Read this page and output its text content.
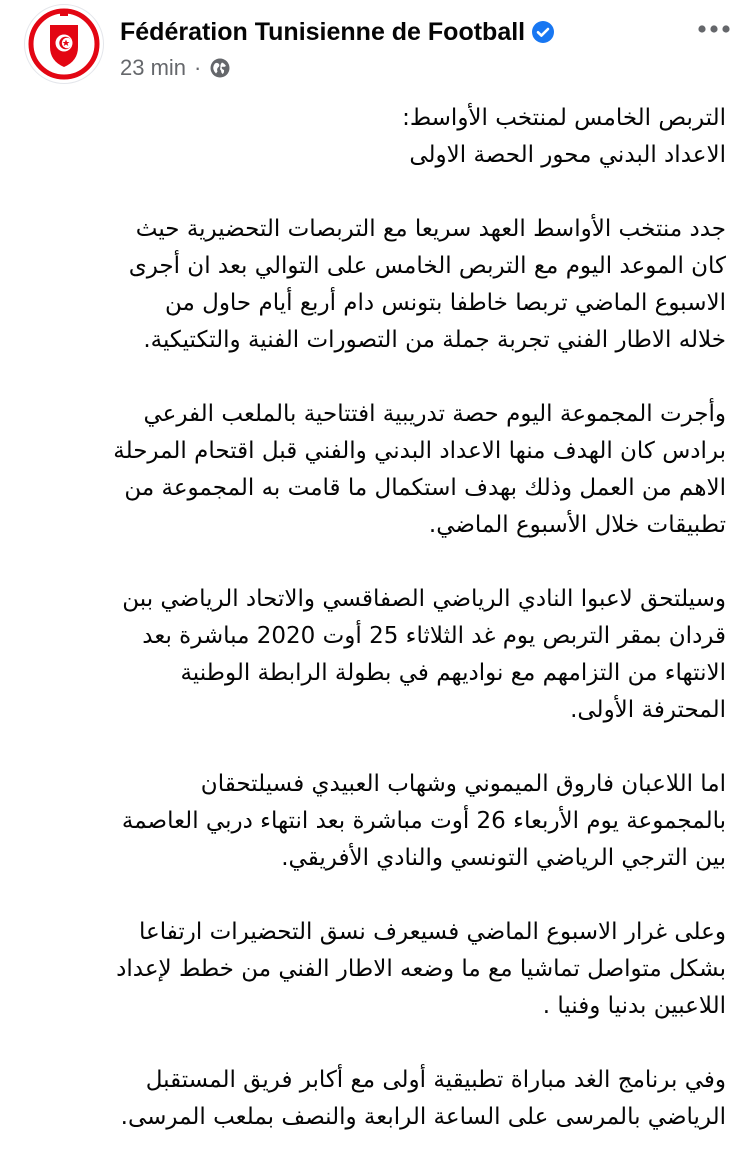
Fédération Tunisienne de Football
23 min ·
التربص الخامس لمنتخب الأواسط:
الاعداد البدني محور الحصة الاولى
جدد منتخب الأواسط العهد سريعا مع التربصات التحضيرية حيث
كان الموعد اليوم مع التربص الخامس على التوالي بعد ان أجرى
الاسبوع الماضي تربصا خاطفا بتونس دام أربع أيام حاول من
خلاله الاطار الفني تجربة جملة من التصورات الفنية والتكتيكية.
وأجرت المجموعة اليوم حصة تدريبية افتتاحية بالملعب الفرعي
برادس كان الهدف منها الاعداد البدني والفني قبل اقتحام المرحلة
الاهم من العمل وذلك بهدف استكمال ما قامت به المجموعة من
تطبيقات خلال الأسبوع الماضي.
وسيلتحق لاعبوا النادي الرياضي الصفاقسي والاتحاد الرياضي ببن
قردان بمقر التربص يوم غد الثلاثاء 25 أوت 2020 مباشرة بعد
الانتهاء من التزامهم مع نواديهم في بطولة الرابطة الوطنية
المحترفة الأولى.
اما اللاعبان فاروق الميموني وشهاب العبيدي فسيلتحقان
بالمجموعة يوم الأربعاء 26 أوت مباشرة بعد انتهاء دربي العاصمة
بين الترجي الرياضي التونسي والنادي الأفريقي.
وعلى غرار الاسبوع الماضي فسيعرف نسق التحضيرات ارتفاعا
بشكل متواصل تماشيا مع ما وضعه الاطار الفني من خطط لإعداد
اللاعبين بدنيا وفنيا .
وفي برنامج الغد مباراة تطبيقية أولى مع أكابر فريق المستقبل
الرياضي بالمرسى على الساعة الرابعة والنصف بملعب المرسى.
